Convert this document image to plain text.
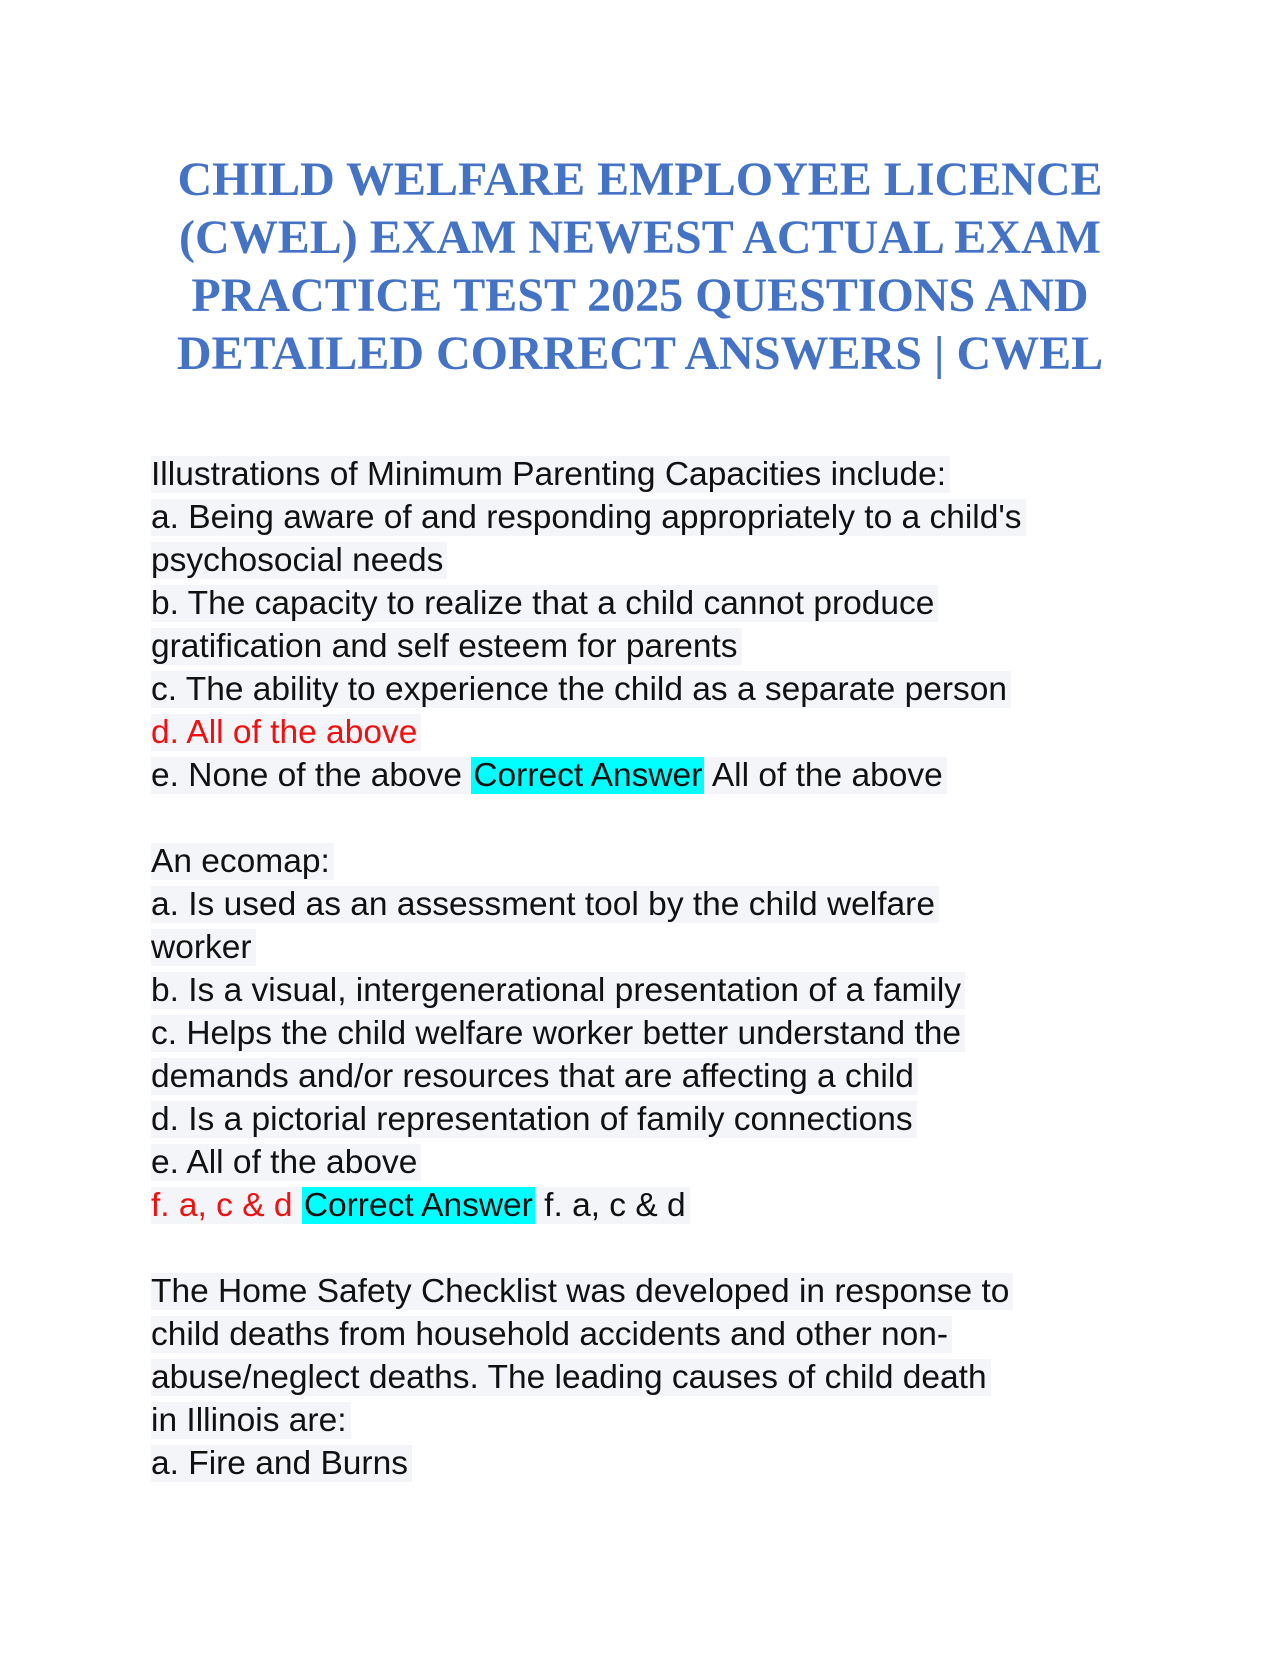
CHILD WELFARE EMPLOYEE LICENCE
(CWEL) EXAM NEWEST ACTUAL EXAM
PRACTICE TEST 2025 QUESTIONS AND
DETAILED CORRECT ANSWERS | CWEL
Illustrations of Minimum Parenting Capacities include:
a. Being aware of and responding appropriately to a child's
psychosocial needs
b. The capacity to realize that a child cannot produce
gratification and self esteem for parents
c. The ability to experience the child as a separate person
d. All of the above
e. None of the above Correct Answer All of the above
An ecomap:
a. Is used as an assessment tool by the child welfare
worker
b. Is a visual, intergenerational presentation of a family
c. Helps the child welfare worker better understand the
demands and/or resources that are affecting a child
d. Is a pictorial representation of family connections
e. All of the above
f. a, c & d Correct Answer f. a, c & d
The Home Safety Checklist was developed in response to
child deaths from household accidents and other non-
abuse/neglect deaths. The leading causes of child death
in Illinois are:
a. Fire and Burns
